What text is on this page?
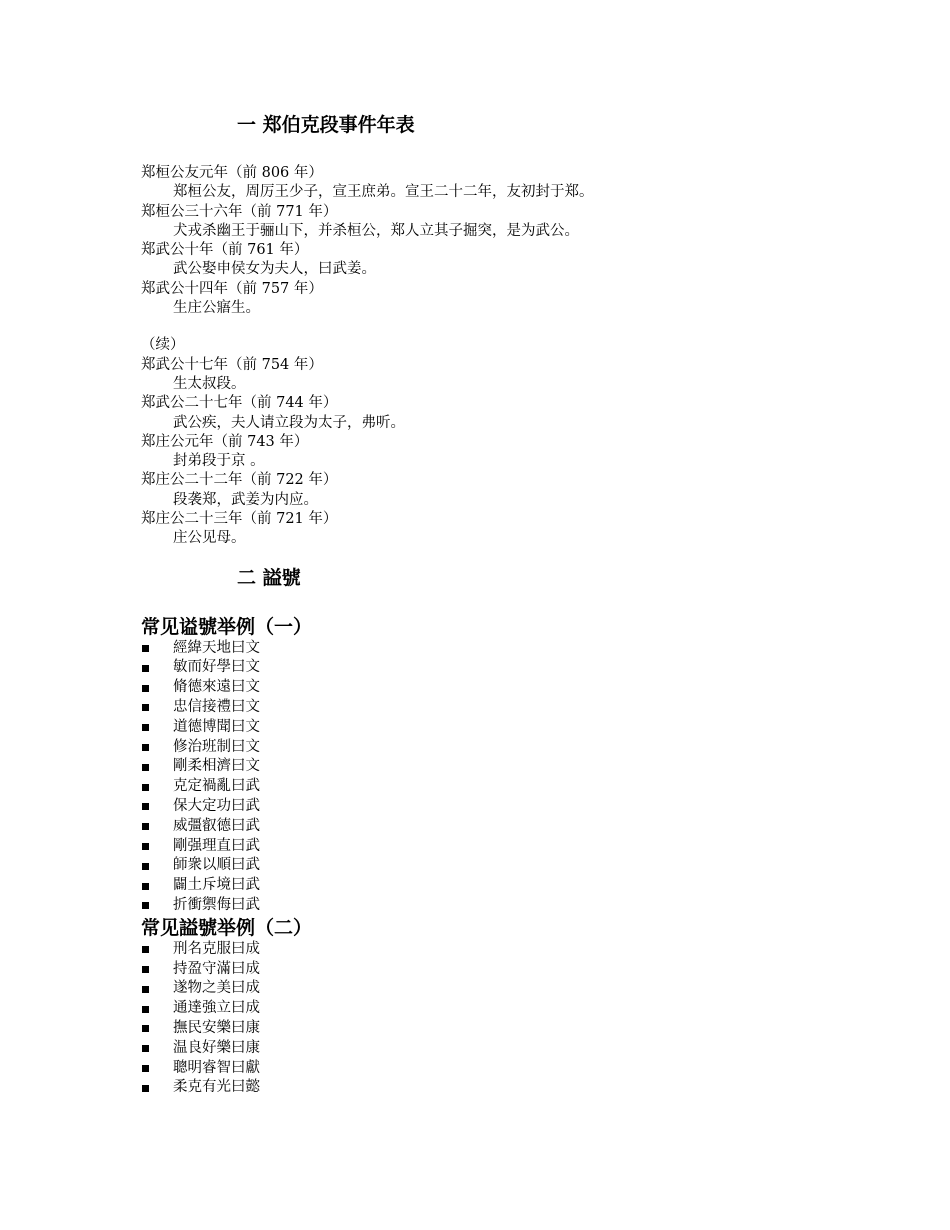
一 郑伯克段事件年表
郑桓公友元年（前 806 年）
郑桓公友，周厉王少子，宣王庶弟。宣王二十二年，友初封于郑。
郑桓公三十六年（前 771 年）
犬戎杀幽王于骊山下，并杀桓公，郑人立其子掘突，是为武公。
郑武公十年（前 761 年）
武公娶申侯女为夫人，曰武姜。
郑武公十四年（前 757 年）
生庄公寤生。
（续）
郑武公十七年（前 754 年）
生太叔段。
郑武公二十七年（前 744 年）
武公疾，夫人请立段为太子，弗听。
郑庄公元年（前 743 年）
封弟段于京 。
郑庄公二十二年（前 722 年）
段袭郑，武姜为内应。
郑庄公二十三年（前 721 年）
庄公见母。
二 謚號
常见谥號举例（一）
經緯天地曰文
敏而好學曰文
脩德來遠曰文
忠信接禮曰文
道德博聞曰文
修治班制曰文
剛柔相濟曰文
克定禍亂曰武
保大定功曰武
威彊叡德曰武
剛强理直曰武
師衆以順曰武
闢土斥境曰武
折衝禦侮曰武
常见謚號举例（二）
刑名克服曰成
持盈守滿曰成
遂物之美曰成
通達強立曰成
撫民安樂曰康
温良好樂曰康
聰明睿智曰獻
柔克有光曰懿
